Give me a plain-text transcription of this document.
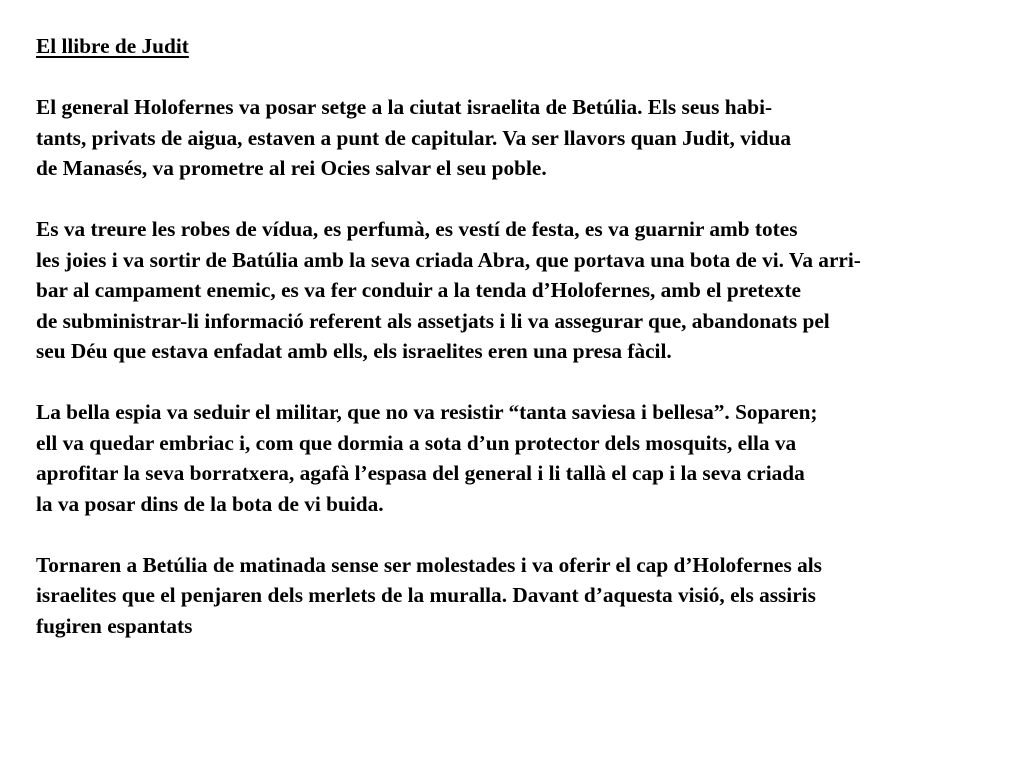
El llibre de Judit

El general Holofernes va posar setge a la ciutat israelita de Betúlia. Els seus habi-
tants, privats de aigua, estaven a punt de capitular. Va ser llavors quan Judit, vidua
de Manasés, va prometre al rei Ocies salvar el seu poble.

Es va treure les robes de vídua, es perfumà, es vestí de festa, es va guarnir amb totes
les joies i va sortir de Batúlia amb la seva criada Abra, que portava una bota de vi. Va arri-
bar al campament enemic, es va fer conduir a la tenda d’Holofernes, amb el pretexte
de subministrar-li informació referent als assetjats i li va assegurar que, abandonats pel
seu Déu que estava enfadat amb ells, els israelites eren una presa fàcil.

La bella espia va seduir el militar, que no va resistir “tanta saviesa i bellesa”. Soparen;
ell va quedar embriac i, com que dormia a sota d’un protector dels mosquits, ella va
aprofitar la seva borratxera, agafà l’espasa del general i li tallà el cap i la seva criada
la va posar dins de la bota de vi buida.

Tornaren a Betúlia de matinada sense ser molestades i va oferir el cap d’Holofernes als
israelites que el penjaren dels merlets de la muralla. Davant d’aquesta visió, els assiris
fugiren espantats
